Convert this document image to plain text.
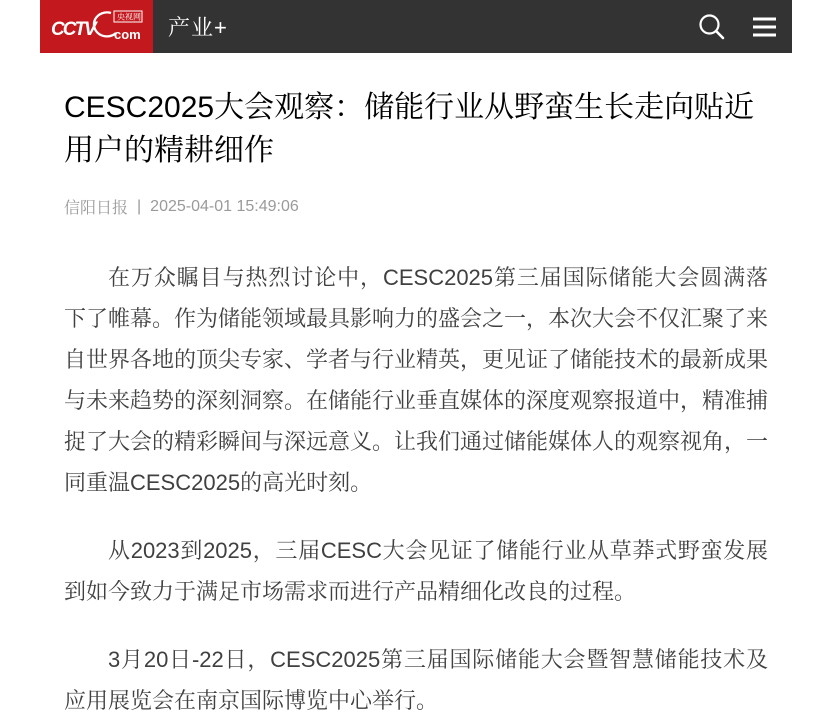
CCTV
央视网
com 产业+
CESC2025大会观察：储能行业从野蛮生长走向贴近用户的精耕细作
信阳日报 | 2025-04-01 15:49:06

在万众瞩目与热烈讨论中，CESC2025第三届国际储能大会圆满落下了帷幕。作为储能领域最具影响力的盛会之一，本次大会不仅汇聚了来自世界各地的顶尖专家、学者与行业精英，更见证了储能技术的最新成果与未来趋势的深刻洞察。在储能行业垂直媒体的深度观察报道中，精准捕捉了大会的精彩瞬间与深远意义。让我们通过储能媒体人的观察视角，一同重温CESC2025的高光时刻。

从2023到2025，三届CESC大会见证了储能行业从草莽式野蛮发展到如今致力于满足市场需求而进行产品精细化改良的过程。

3月20日-22日，CESC2025第三届国际储能大会暨智慧储能技术及应用展览会在南京国际博览中心举行。
